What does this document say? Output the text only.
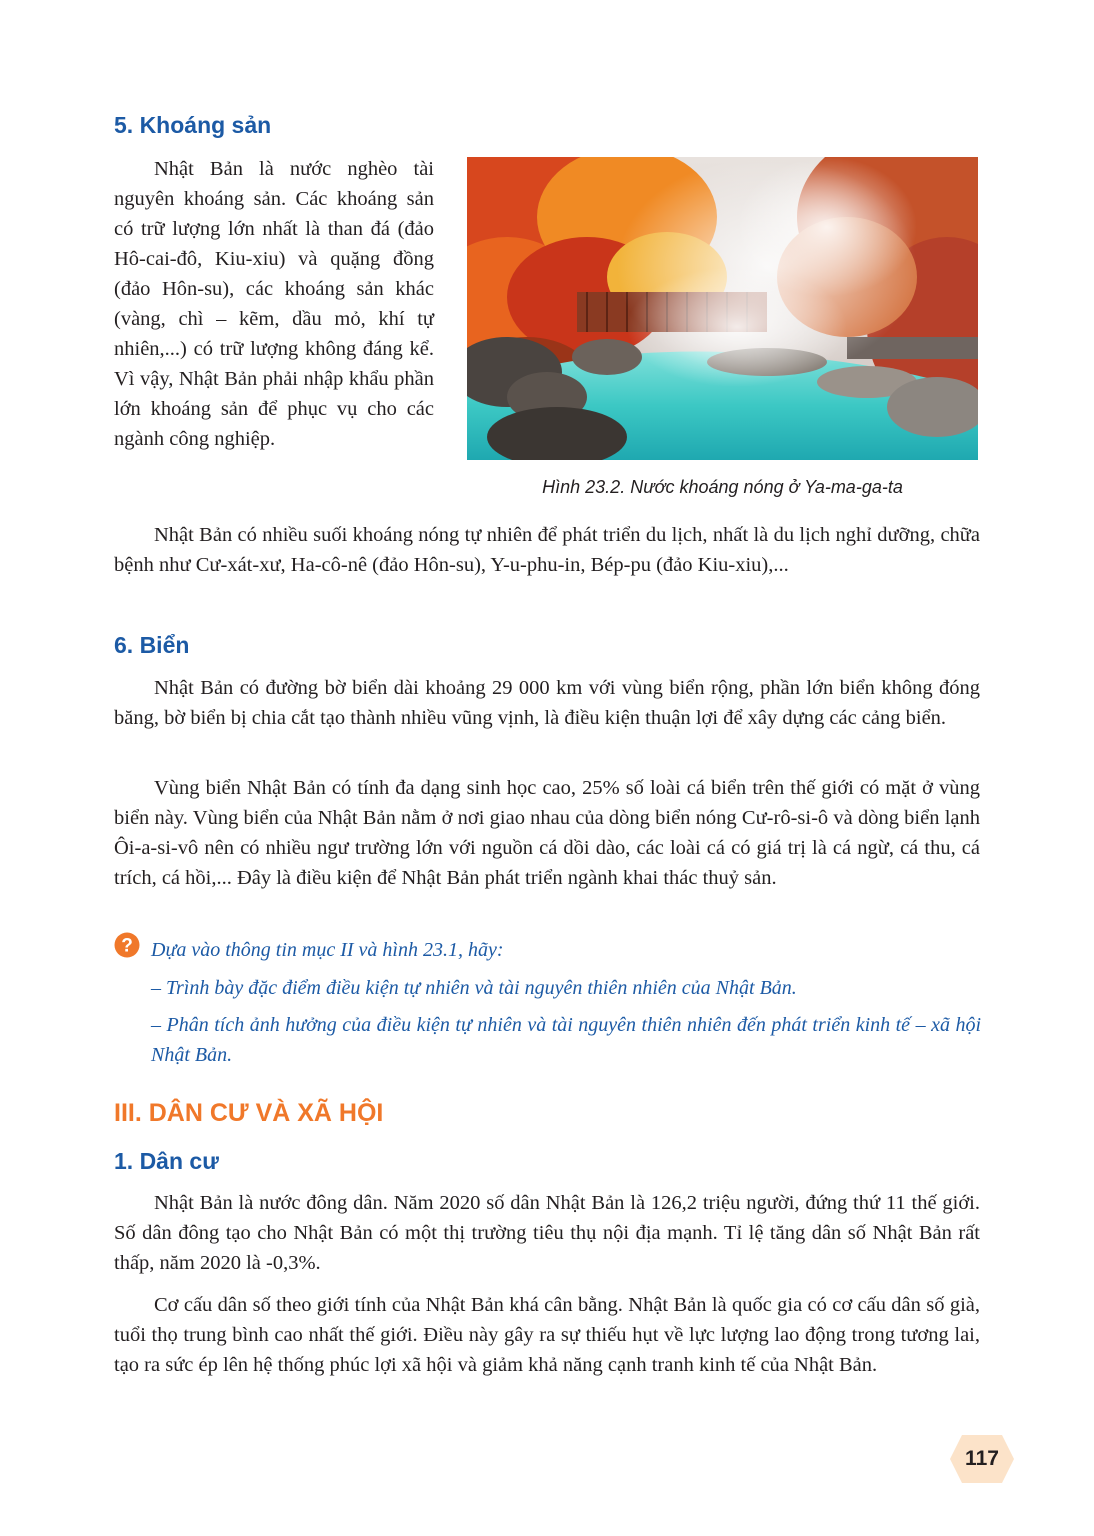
5. Khoáng sản

Nhật Bản là nước nghèo tài nguyên khoáng sản. Các khoáng sản có trữ lượng lớn nhất là than đá (đảo Hô-cai-đô, Kiu-xiu) và quặng đồng (đảo Hôn-su), các khoáng sản khác (vàng, chì – kẽm, dầu mỏ, khí tự nhiên,...) có trữ lượng không đáng kể. Vì vậy, Nhật Bản phải nhập khẩu phần lớn khoáng sản để phục vụ cho các ngành công nghiệp.

Hình 23.2. Nước khoáng nóng ở Ya-ma-ga-ta

Nhật Bản có nhiều suối khoáng nóng tự nhiên để phát triển du lịch, nhất là du lịch nghỉ dưỡng, chữa bệnh như Cư-xát-xư, Ha-cô-nê (đảo Hôn-su), Y-u-phu-in, Bép-pu (đảo Kiu-xiu),...

6. Biển

Nhật Bản có đường bờ biển dài khoảng 29 000 km với vùng biển rộng, phần lớn biển không đóng băng, bờ biển bị chia cắt tạo thành nhiều vũng vịnh, là điều kiện thuận lợi để xây dựng các cảng biển.

Vùng biển Nhật Bản có tính đa dạng sinh học cao, 25% số loài cá biển trên thế giới có mặt ở vùng biển này. Vùng biển của Nhật Bản nằm ở nơi giao nhau của dòng biển nóng Cư-rô-si-ô và dòng biển lạnh Ôi-a-si-vô nên có nhiều ngư trường lớn với nguồn cá dồi dào, các loài cá có giá trị là cá ngừ, cá thu, cá trích, cá hồi,... Đây là điều kiện để Nhật Bản phát triển ngành khai thác thuỷ sản.

? Dựa vào thông tin mục II và hình 23.1, hãy:

– Trình bày đặc điểm điều kiện tự nhiên và tài nguyên thiên nhiên của Nhật Bản.

– Phân tích ảnh hưởng của điều kiện tự nhiên và tài nguyên thiên nhiên đến phát triển kinh tế – xã hội Nhật Bản.

III. DÂN CƯ VÀ XÃ HỘI
1. Dân cư

Nhật Bản là nước đông dân. Năm 2020 số dân Nhật Bản là 126,2 triệu người, đứng thứ 11 thế giới. Số dân đông tạo cho Nhật Bản có một thị trường tiêu thụ nội địa mạnh. Tỉ lệ tăng dân số Nhật Bản rất thấp, năm 2020 là -0,3%.

Cơ cấu dân số theo giới tính của Nhật Bản khá cân bằng. Nhật Bản là quốc gia có cơ cấu dân số già, tuổi thọ trung bình cao nhất thế giới. Điều này gây ra sự thiếu hụt về lực lượng lao động trong tương lai, tạo ra sức ép lên hệ thống phúc lợi xã hội và giảm khả năng cạnh tranh kinh tế của Nhật Bản.

117
